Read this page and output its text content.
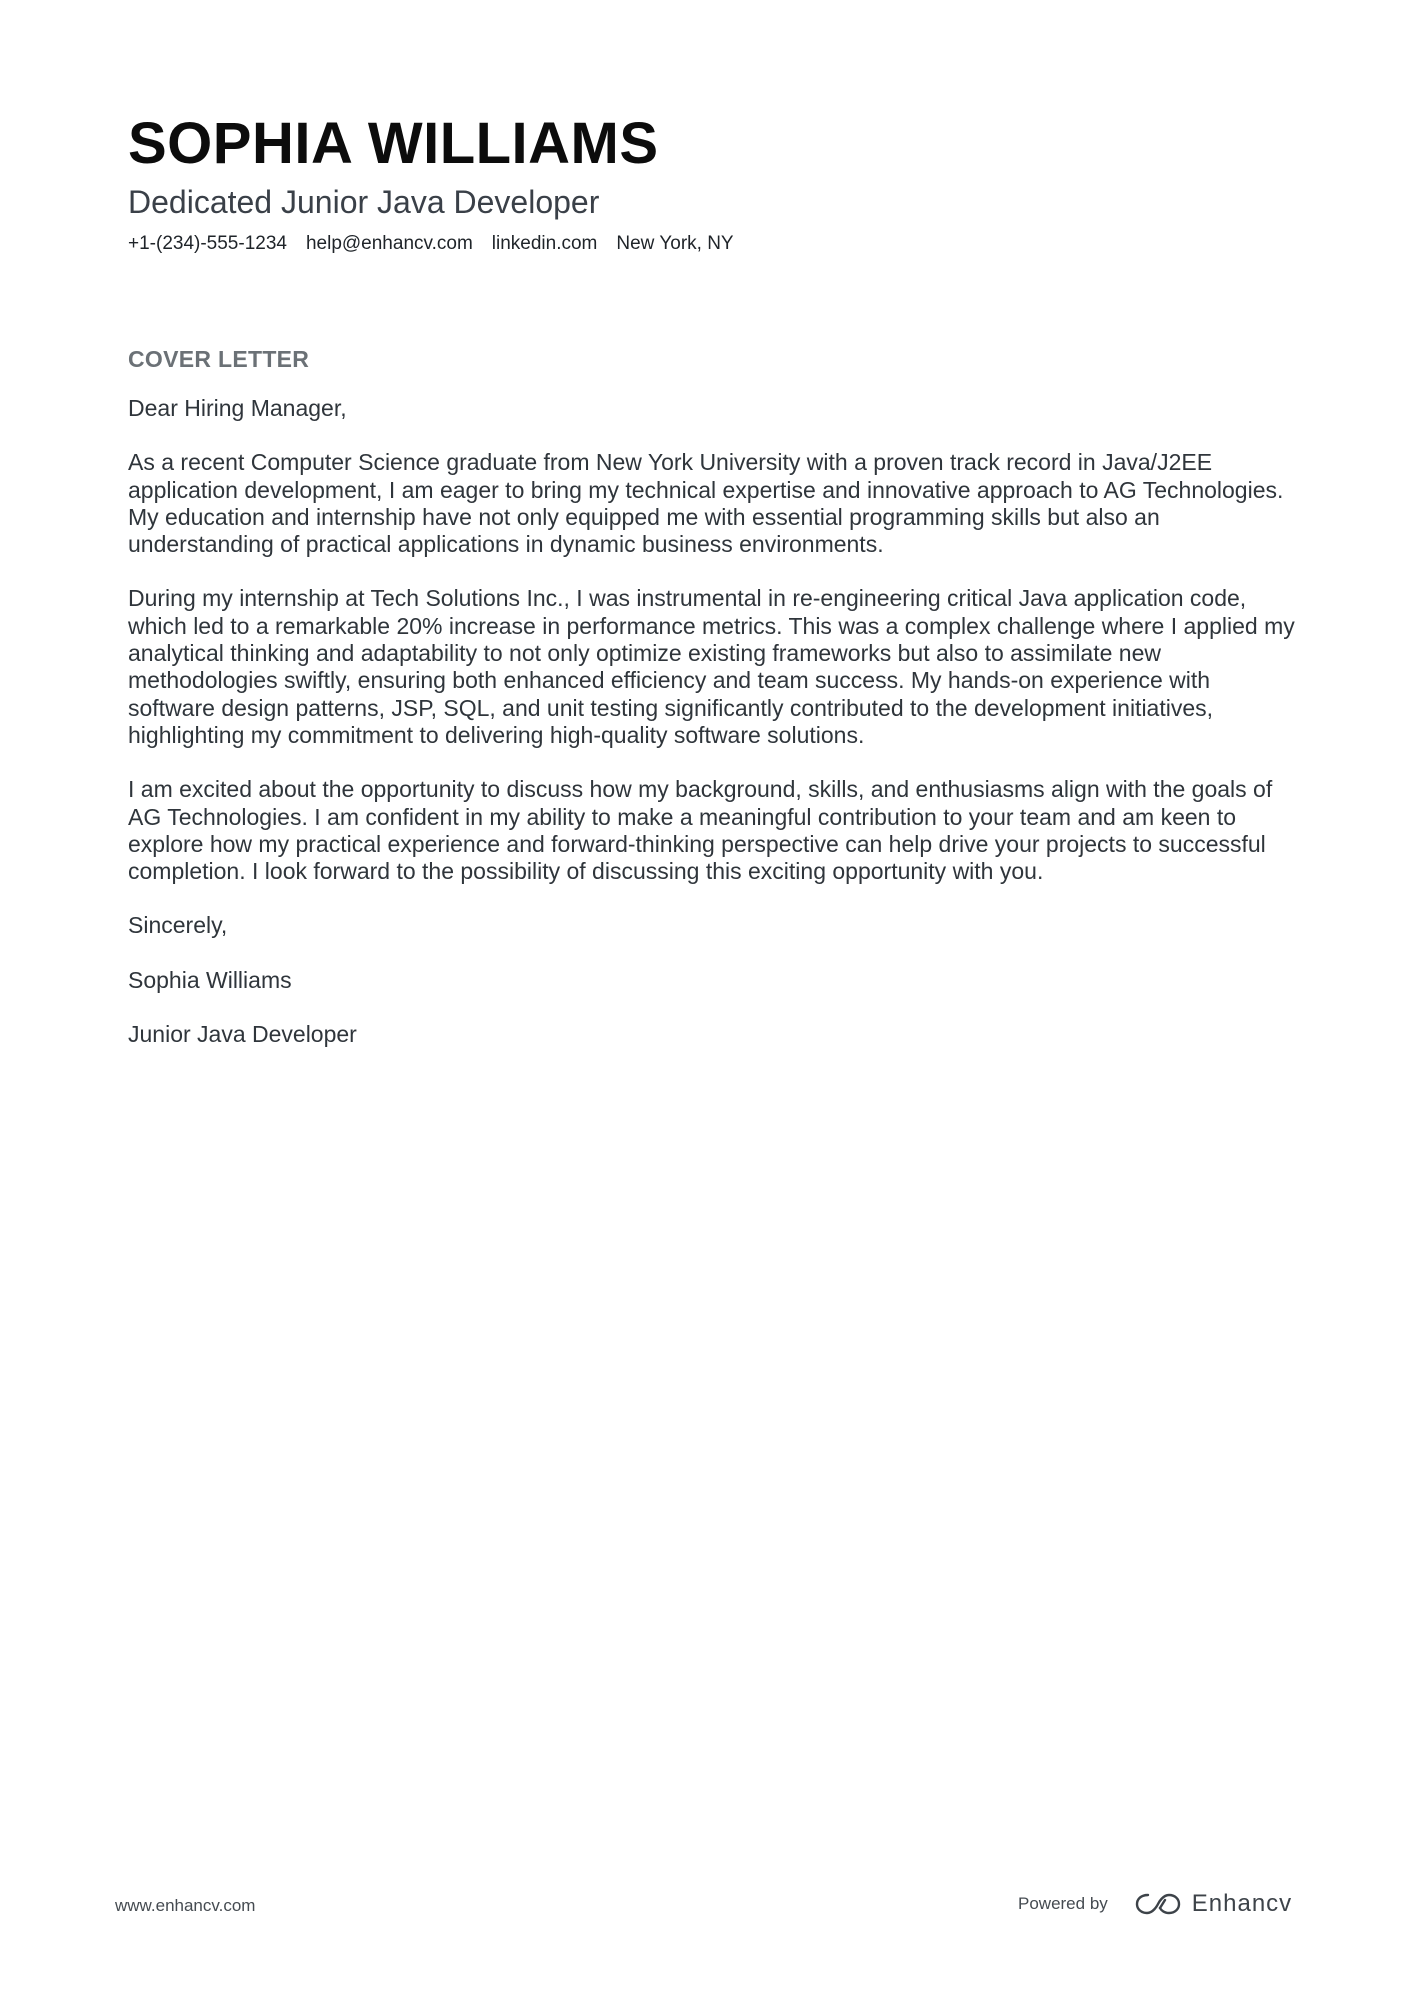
SOPHIA WILLIAMS
Dedicated Junior Java Developer
+1-(234)-555-1234 help@enhancv.com linkedin.com New York, NY
COVER LETTER

Dear Hiring Manager,

As a recent Computer Science graduate from New York University with a proven track record in Java/J2EE application development, I am eager to bring my technical expertise and innovative approach to AG Technologies. My education and internship have not only equipped me with essential programming skills but also an understanding of practical applications in dynamic business environments.

During my internship at Tech Solutions Inc., I was instrumental in re-engineering critical Java application code, which led to a remarkable 20% increase in performance metrics. This was a complex challenge where I applied my analytical thinking and adaptability to not only optimize existing frameworks but also to assimilate new methodologies swiftly, ensuring both enhanced efficiency and team success. My hands-on experience with software design patterns, JSP, SQL, and unit testing significantly contributed to the development initiatives, highlighting my commitment to delivering high-quality software solutions.

I am excited about the opportunity to discuss how my background, skills, and enthusiasms align with the goals of AG Technologies. I am confident in my ability to make a meaningful contribution to your team and am keen to explore how my practical experience and forward-thinking perspective can help drive your projects to successful completion. I look forward to the possibility of discussing this exciting opportunity with you.

Sincerely,

Sophia Williams

Junior Java Developer

www.enhancv.com	Powered by	Enhancv
